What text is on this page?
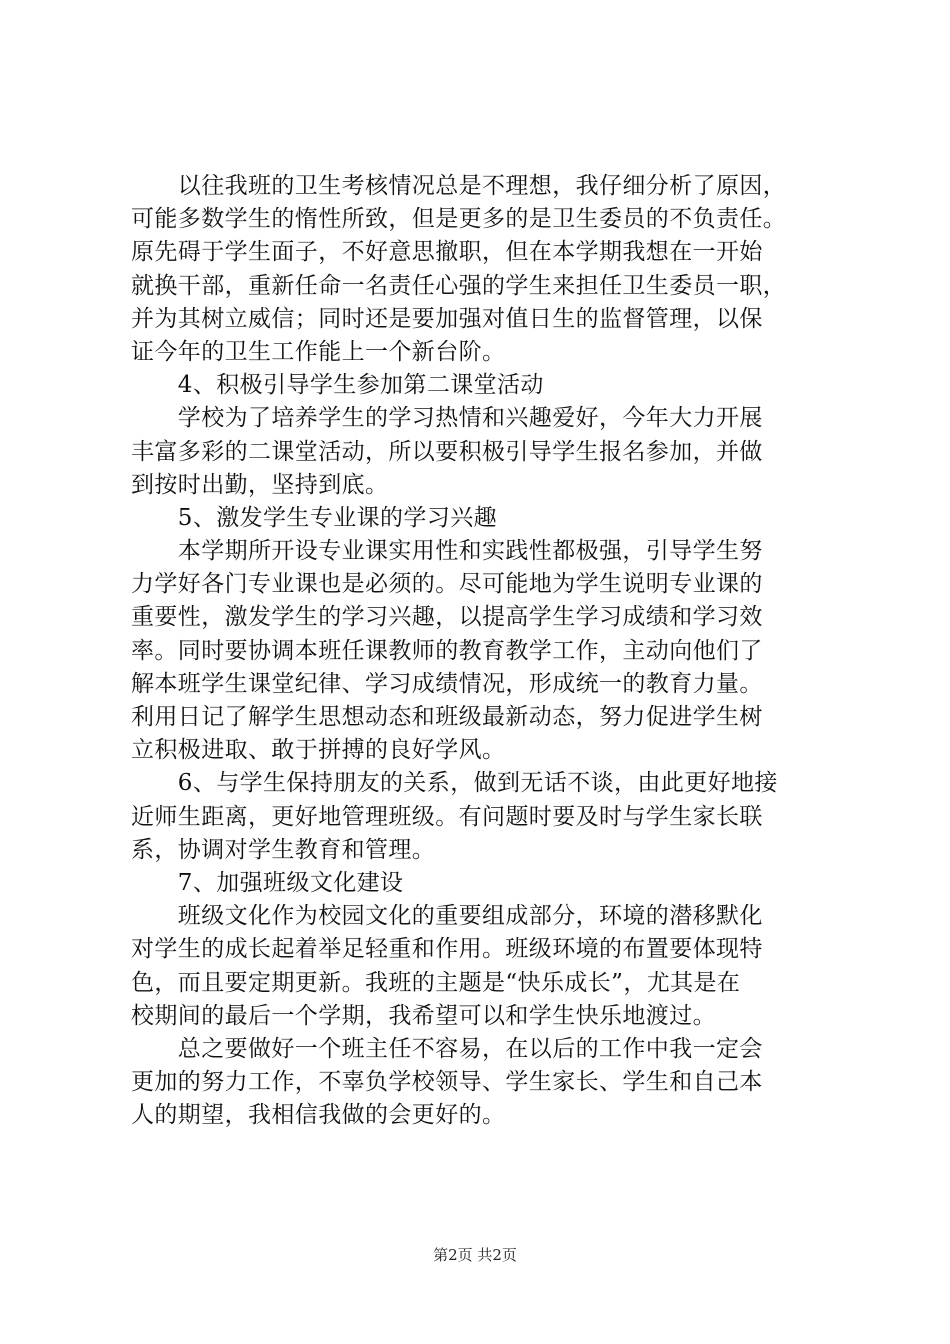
　　以往我班的卫生考核情况总是不理想，我仔细分析了原因，
可能多数学生的惰性所致，但是更多的是卫生委员的不负责任。
原先碍于学生面子，不好意思撤职，但在本学期我想在一开始
就换干部，重新任命一名责任心强的学生来担任卫生委员一职，
并为其树立威信；同时还是要加强对值日生的监督管理，以保
证今年的卫生工作能上一个新台阶。
　　4、积极引导学生参加第二课堂活动
　　学校为了培养学生的学习热情和兴趣爱好，今年大力开展
丰富多彩的二课堂活动，所以要积极引导学生报名参加，并做
到按时出勤，坚持到底。
　　5、激发学生专业课的学习兴趣
　　本学期所开设专业课实用性和实践性都极强，引导学生努
力学好各门专业课也是必须的。尽可能地为学生说明专业课的
重要性，激发学生的学习兴趣，以提高学生学习成绩和学习效
率。同时要协调本班任课教师的教育教学工作，主动向他们了
解本班学生课堂纪律、学习成绩情况，形成统一的教育力量。
利用日记了解学生思想动态和班级最新动态，努力促进学生树
立积极进取、敢于拼搏的良好学风。
　　6、与学生保持朋友的关系，做到无话不谈，由此更好地接
近师生距离，更好地管理班级。有问题时要及时与学生家长联
系，协调对学生教育和管理。
　　7、加强班级文化建设
　　班级文化作为校园文化的重要组成部分，环境的潜移默化
对学生的成长起着举足轻重和作用。班级环境的布置要体现特
色，而且要定期更新。我班的主题是“快乐成长”，尤其是在
校期间的最后一个学期，我希望可以和学生快乐地渡过。
　　总之要做好一个班主任不容易，在以后的工作中我一定会
更加的努力工作，不辜负学校领导、学生家长、学生和自己本
人的期望，我相信我做的会更好的。
第2页 共2页
